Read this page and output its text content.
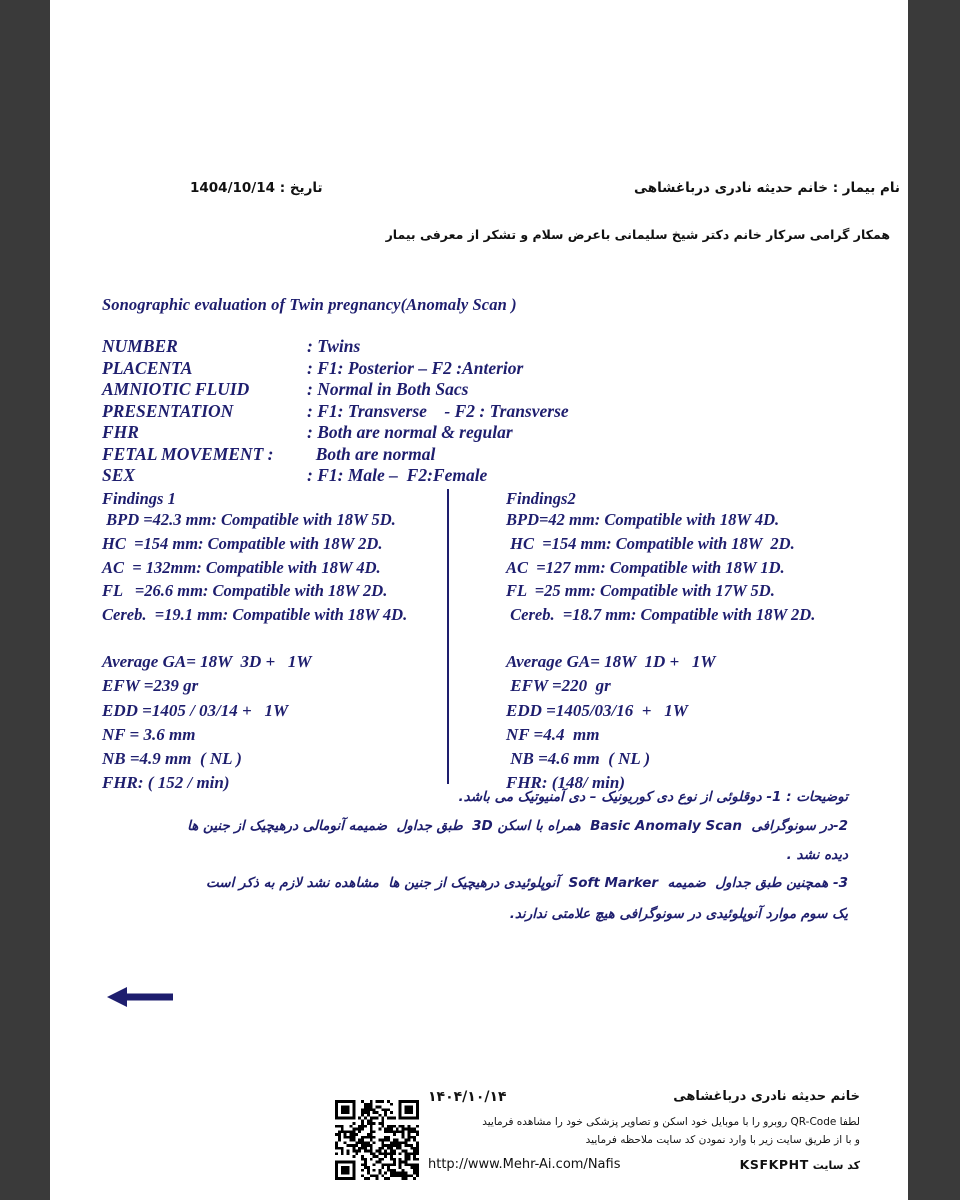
نام بیمار : خانم حدیثه نادری درباغشاهی
تاریخ : 1404/10/14
همکار گرامی سرکار خانم دکتر شیخ سلیمانی باعرض سلام و تشکر از معرفی بیمار
Sonographic evaluation of Twin pregnancy(Anomaly Scan )
NUMBER	: Twins
PLACENTA	: F1: Posterior – F2 :Anterior
AMNIOTIC FLUID	: Normal in Both Sacs
PRESENTATION	: F1: Transverse    - F2 : Transverse
FHR	: Both are normal & regular
FETAL MOVEMENT :	Both are normal
SEX	: F1: Male –  F2:Female
Findings 1
BPD =42.3 mm: Compatible with 18W 5D.
HC  =154 mm: Compatible with 18W 2D.
AC  = 132mm: Compatible with 18W 4D.
FL   =26.6 mm: Compatible with 18W 2D.
Cereb.  =19.1 mm: Compatible with 18W 4D.
Findings2
BPD=42 mm: Compatible with 18W 4D.
HC  =154 mm: Compatible with 18W  2D.
AC  =127 mm: Compatible with 18W 1D.
FL  =25 mm: Compatible with 17W 5D.
Cereb.  =18.7 mm: Compatible with 18W 2D.
Average GA= 18W  3D +   1W
EFW =239 gr
EDD =1405 / 03/14 +   1W
NF = 3.6 mm
NB =4.9 mm  ( NL )
FHR: ( 152 / min)
Average GA= 18W  1D +   1W
EFW =220  gr
EDD =1405/03/16  +   1W
NF =4.4  mm
NB =4.6 mm  ( NL )
FHR: (148/ min)
توضیحات : 1- دوقلوئی از نوع دی کوریونیک – دی آمنیوتیک می باشد.
2-در سونوگرافی  Basic Anomaly Scan  همراه با اسکن 3D  طبق جداول  ضمیمه آنومالی درهیچیک از جنین ها
دیده نشد .
3- همچنین طبق جداول  ضمیمه  Soft Marker  آنوپلوئیدی درهیچیک از جنین ها  مشاهده نشد لازم به ذکر است
یک سوم موارد آنوپلوئیدی در سونوگرافی هیچ علامتی ندارند.
خانم حدیثه نادری درباغشاهی
۱۴۰۴/۱۰/۱۴
لطفا QR-Code روبرو را با موبایل خود اسکن و تصاویر پزشکی خود را مشاهده فرمایید
و با از طریق سایت زیر با وارد نمودن کد سایت ملاحظه فرمایید
کد سایت KSFKPHT
http://www.Mehr-Ai.com/Nafis
